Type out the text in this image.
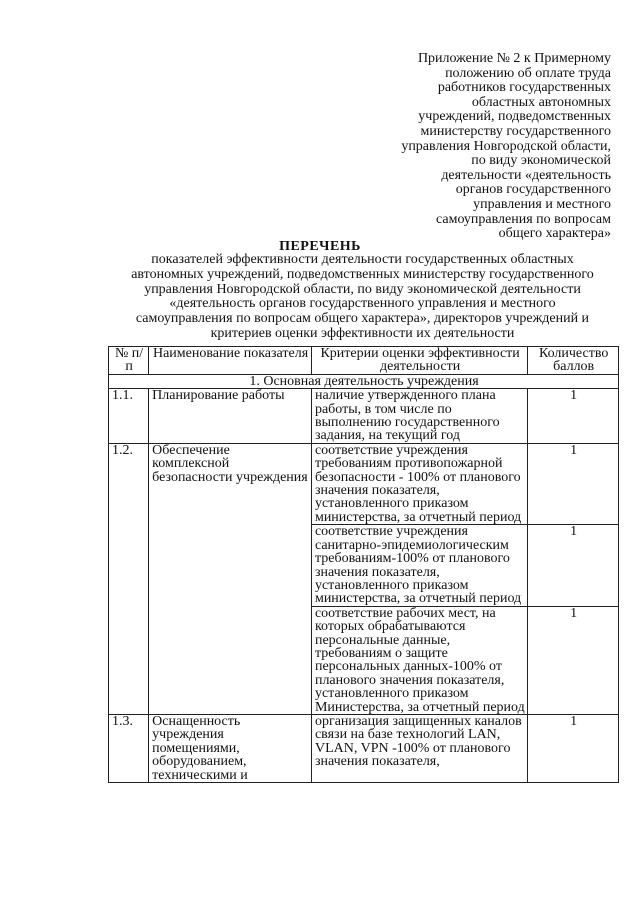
Приложение № 2 к Примерному
положению об оплате труда
работников государственных
областных автономных
учреждений, подведомственных
министерству государственного
управления Новгородской области,
по виду экономической
деятельности «деятельность
органов государственного
управления и местного
самоуправления по вопросам
общего характера»
ПЕРЕЧЕНЬ
показателей эффективности деятельности государственных областных
автономных учреждений, подведомственных министерству государственного
управления Новгородской области, по виду экономической деятельности
«деятельность органов государственного управления и местного
самоуправления по вопросам общего характера», директоров учреждений и
критериев оценки эффективности их деятельности
№ п/п	Наименование показателя	Критерии оценки эффективности деятельности	Количество баллов
1. Основная деятельность учреждения			
1.1.	Планирование работы	наличие утвержденного плана работы, в том числе по выполнению государственного задания, на текущий год	1
1.2.	Обеспечение комплексной безопасности учреждения	соответствие учреждения требованиям противопожарной безопасности - 100% от планового значения показателя, установленного приказом министерства, за отчетный период	1
		соответствие учреждения санитарно-эпидемиологическим требованиям-100% от планового значения показателя, установленного приказом министерства, за отчетный период	1
		соответствие рабочих мест, на которых обрабатываются персональные данные, требованиям о защите персональных данных-100% от планового значения показателя, установленного приказом Министерства, за отчетный период	1
1.3.	Оснащенность учреждения помещениями, оборудованием, техническими и	организация защищенных каналов связи на базе технологий LAN, VLAN, VPN -100% от планового значения показателя,	1
